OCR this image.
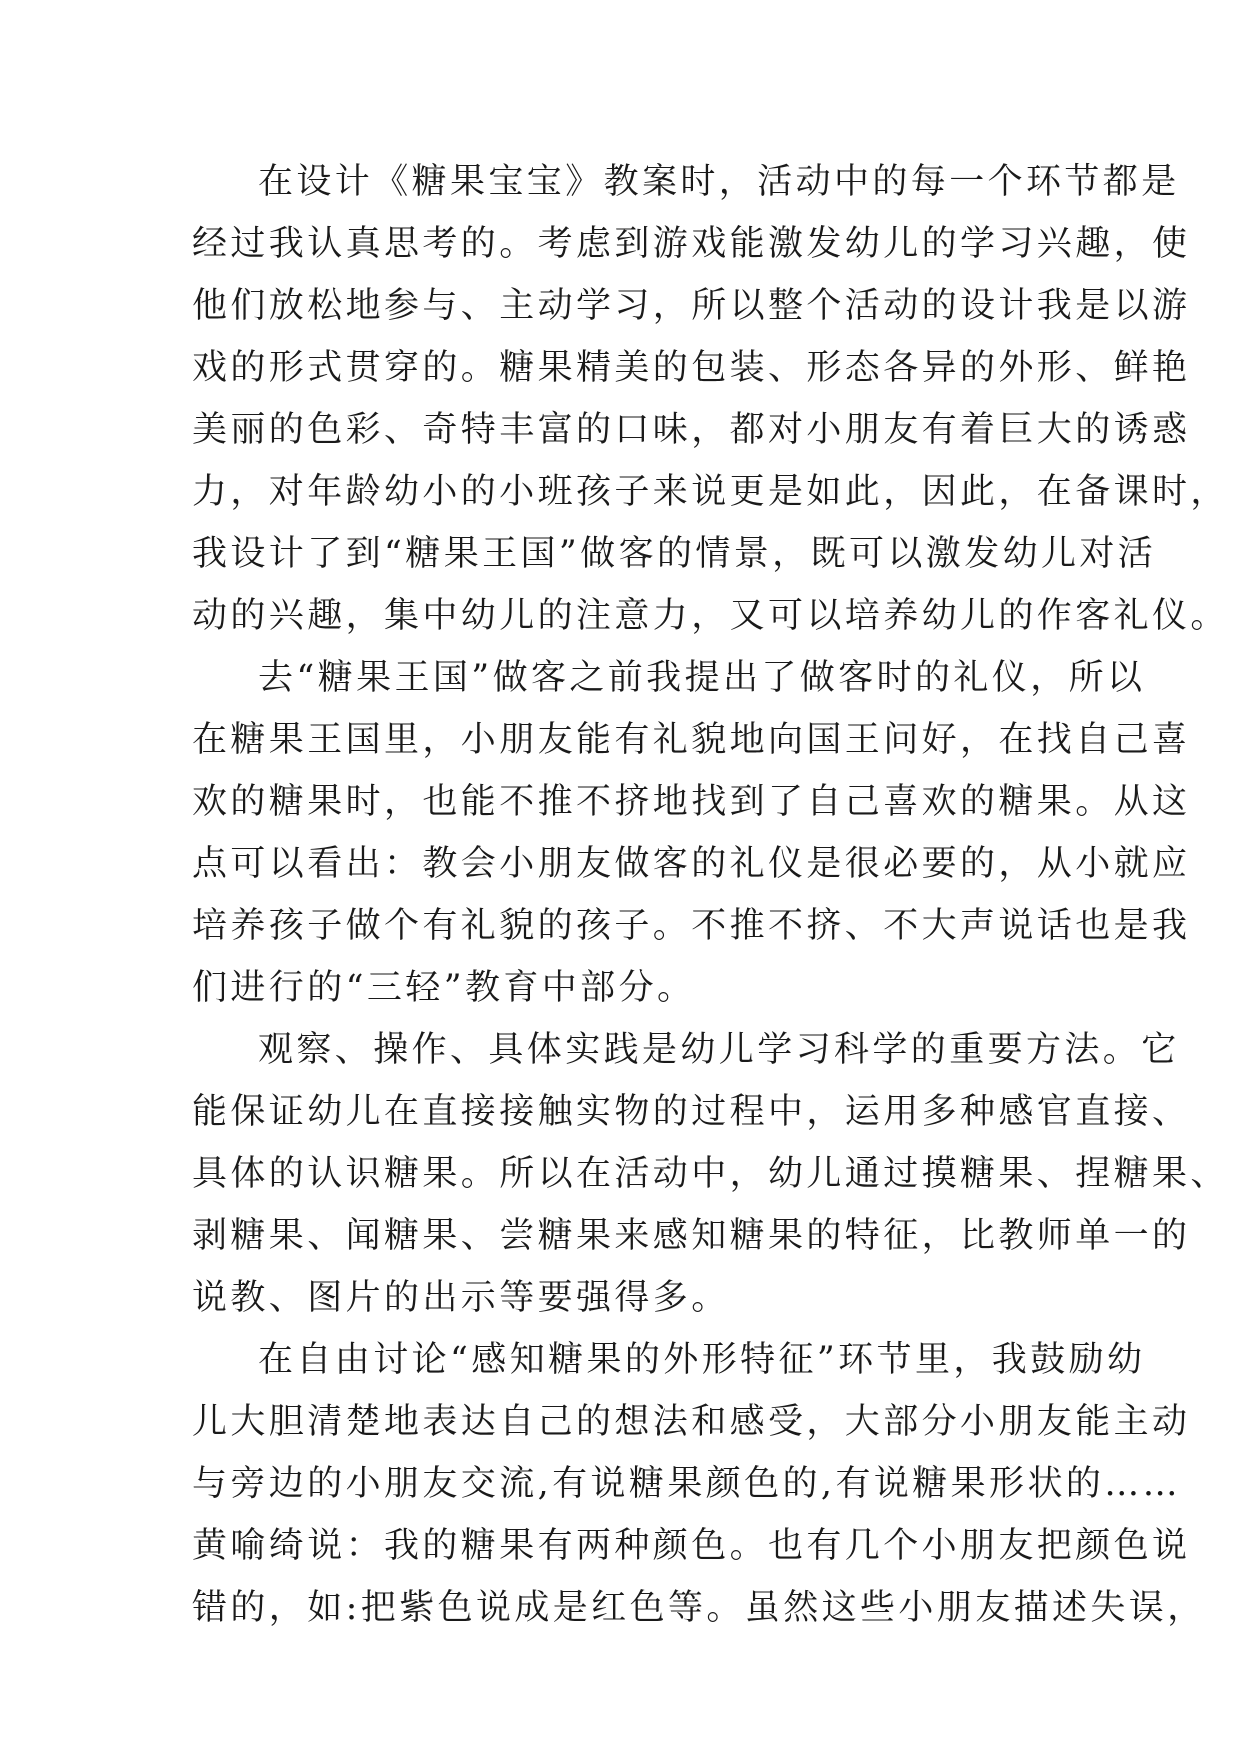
在设计《糖果宝宝》教案时，活动中的每一个环节都是
经过我认真思考的。考虑到游戏能激发幼儿的学习兴趣，使
他们放松地参与、主动学习，所以整个活动的设计我是以游
戏的形式贯穿的。糖果精美的包装、形态各异的外形、鲜艳
美丽的色彩、奇特丰富的口味，都对小朋友有着巨大的诱惑
力，对年龄幼小的小班孩子来说更是如此，因此，在备课时，
我设计了到“糖果王国”做客的情景，既可以激发幼儿对活
动的兴趣，集中幼儿的注意力，又可以培养幼儿的作客礼仪。
去“糖果王国”做客之前我提出了做客时的礼仪，所以
在糖果王国里，小朋友能有礼貌地向国王问好，在找自己喜
欢的糖果时，也能不推不挤地找到了自己喜欢的糖果。从这
点可以看出：教会小朋友做客的礼仪是很必要的，从小就应
培养孩子做个有礼貌的孩子。不推不挤、不大声说话也是我
们进行的“三轻”教育中部分。
观察、操作、具体实践是幼儿学习科学的重要方法。它
能保证幼儿在直接接触实物的过程中，运用多种感官直接、
具体的认识糖果。所以在活动中，幼儿通过摸糖果、捏糖果、
剥糖果、闻糖果、尝糖果来感知糖果的特征，比教师单一的
说教、图片的出示等要强得多。
在自由讨论“感知糖果的外形特征”环节里，我鼓励幼
儿大胆清楚地表达自己的想法和感受，大部分小朋友能主动
与旁边的小朋友交流,有说糖果颜色的,有说糖果形状的……
黄喻绮说：我的糖果有两种颜色。也有几个小朋友把颜色说
错的，如:把紫色说成是红色等。虽然这些小朋友描述失误，
